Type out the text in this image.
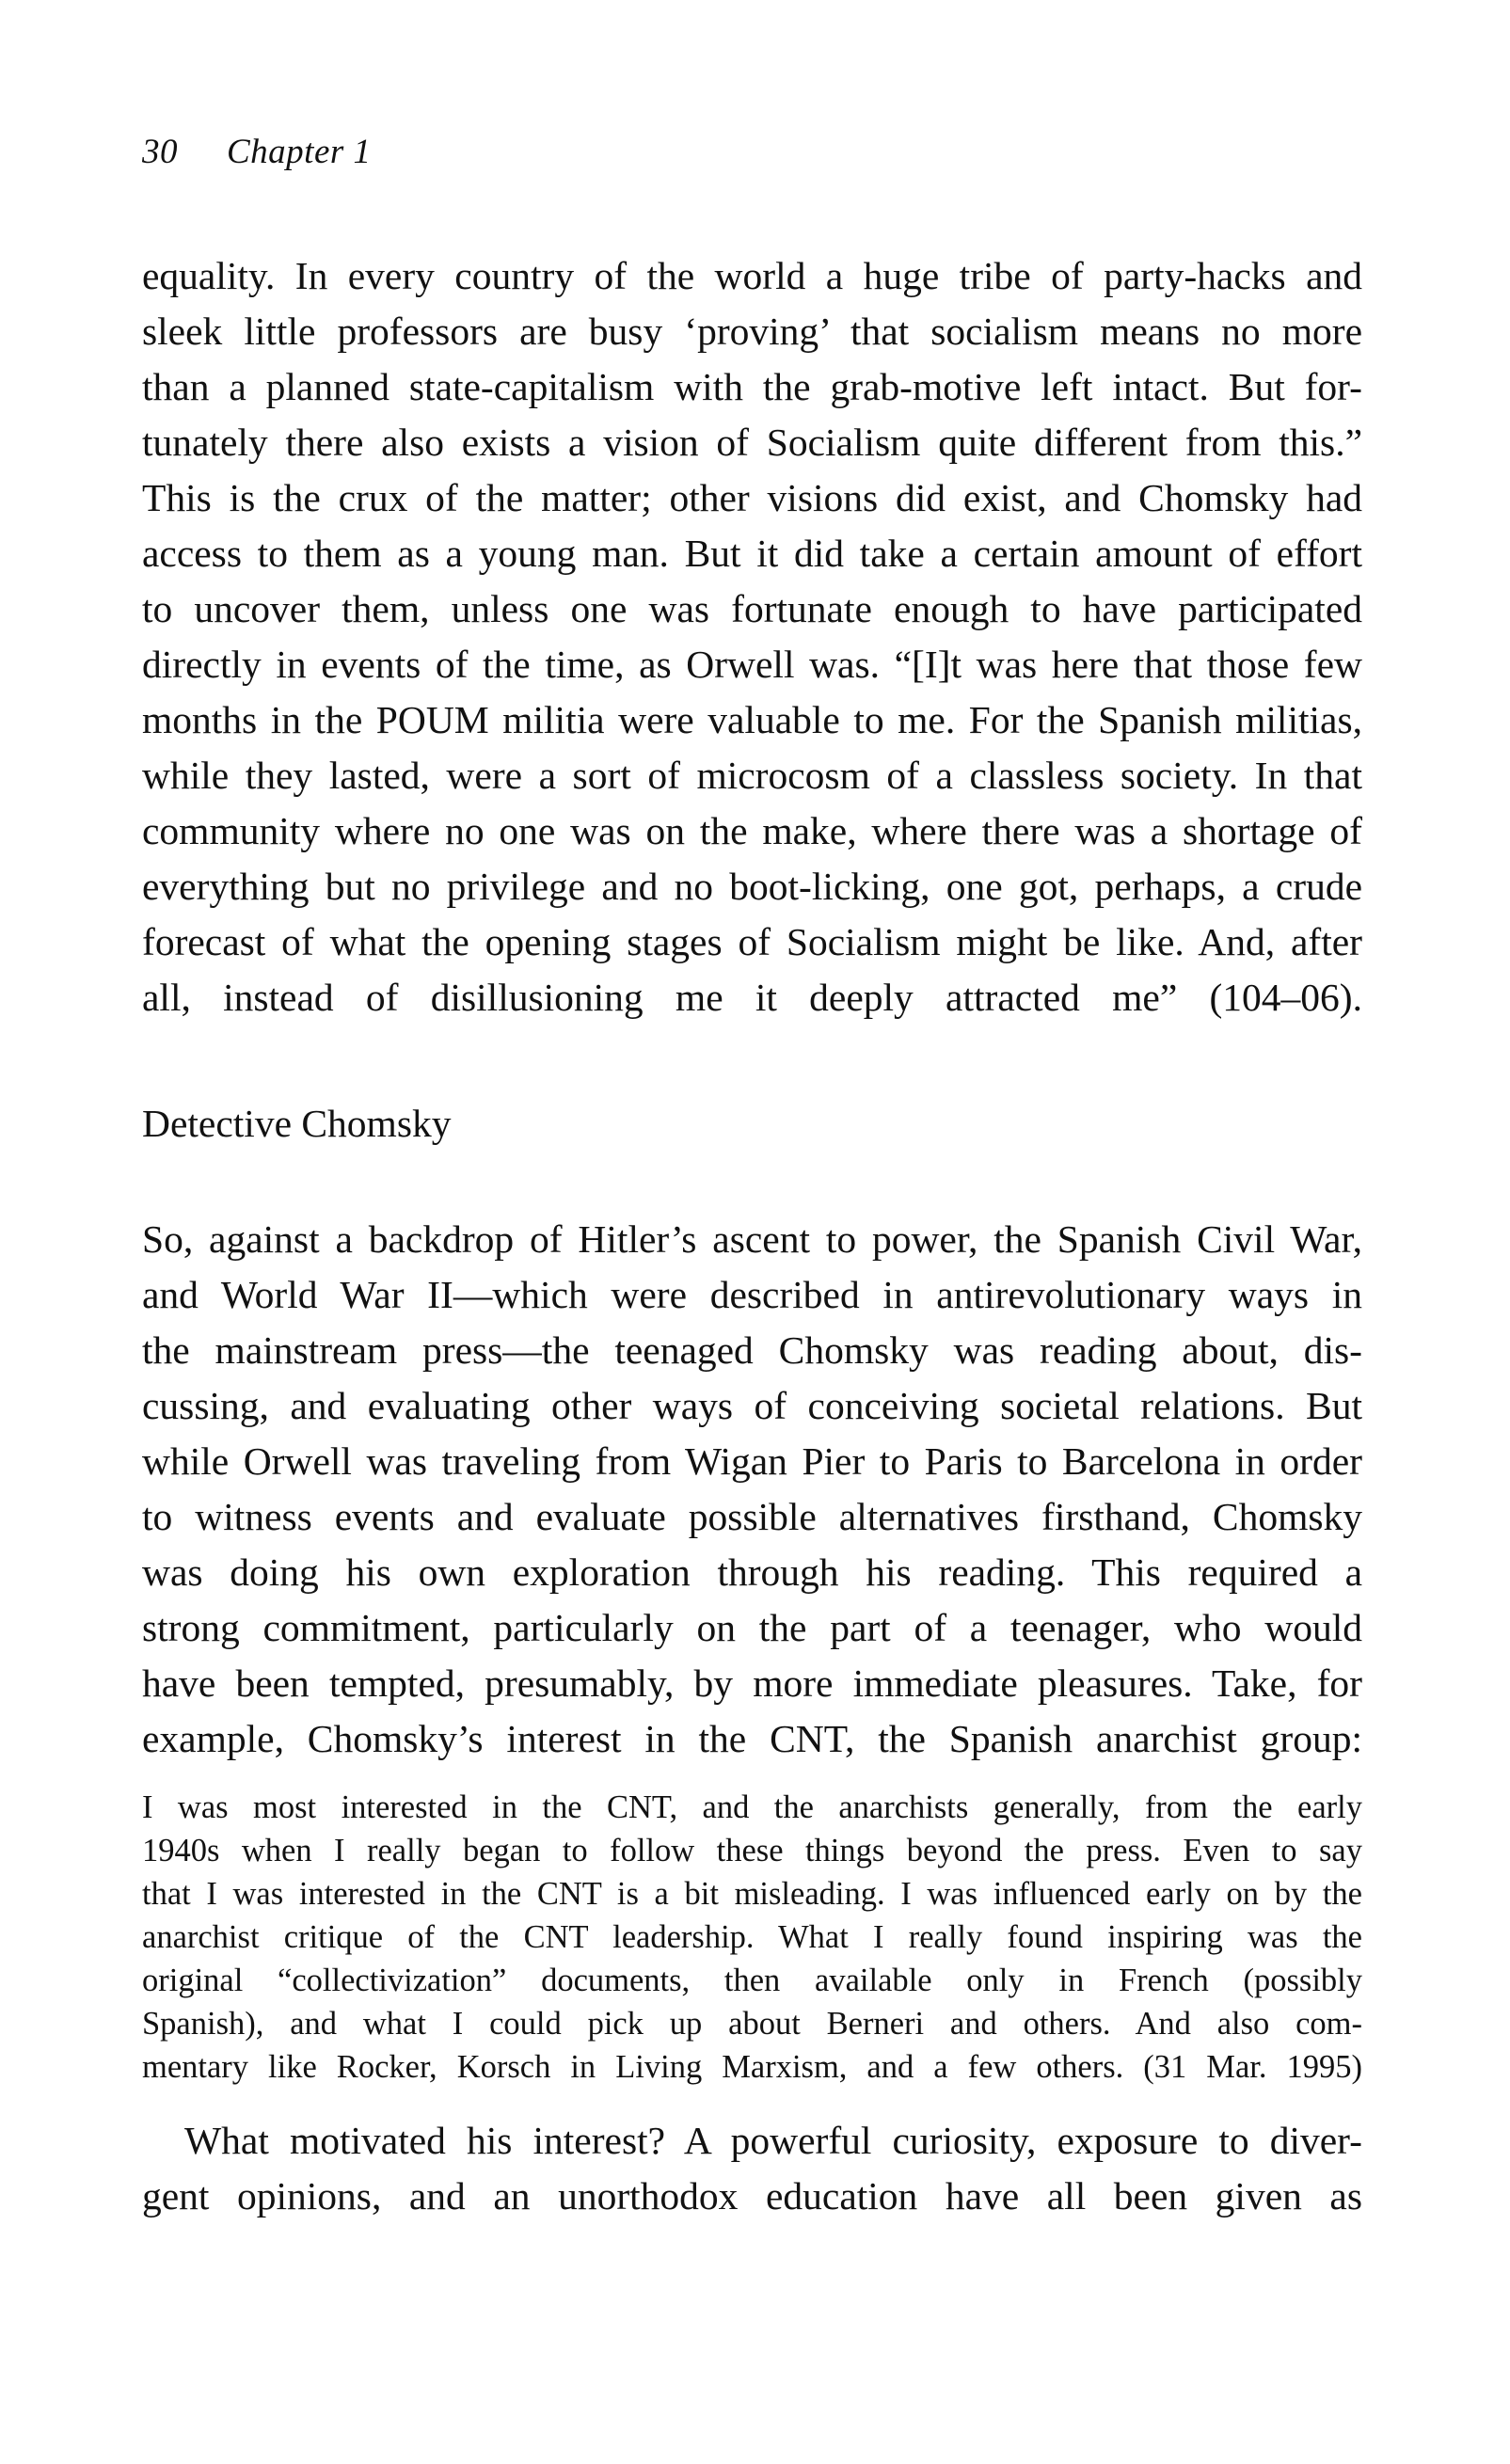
30 Chapter 1
equality. In every country of the world a huge tribe of party-hacks and
sleek little professors are busy ‘proving’ that socialism means no more
than a planned state-capitalism with the grab-motive left intact. But for-
tunately there also exists a vision of Socialism quite different from this.”
This is the crux of the matter; other visions did exist, and Chomsky had
access to them as a young man. But it did take a certain amount of effort
to uncover them, unless one was fortunate enough to have participated
directly in events of the time, as Orwell was. “[I]t was here that those few
months in the POUM militia were valuable to me. For the Spanish militias,
while they lasted, were a sort of microcosm of a classless society. In that
community where no one was on the make, where there was a shortage of
everything but no privilege and no boot-licking, one got, perhaps, a crude
forecast of what the opening stages of Socialism might be like. And, after
all, instead of disillusioning me it deeply attracted me” (104–06).
Detective Chomsky
So, against a backdrop of Hitler’s ascent to power, the Spanish Civil War,
and World War II—which were described in antirevolutionary ways in
the mainstream press—the teenaged Chomsky was reading about, dis-
cussing, and evaluating other ways of conceiving societal relations. But
while Orwell was traveling from Wigan Pier to Paris to Barcelona in order
to witness events and evaluate possible alternatives firsthand, Chomsky
was doing his own exploration through his reading. This required a
strong commitment, particularly on the part of a teenager, who would
have been tempted, presumably, by more immediate pleasures. Take, for
example, Chomsky’s interest in the CNT, the Spanish anarchist group:
I was most interested in the CNT, and the anarchists generally, from the early
1940s when I really began to follow these things beyond the press. Even to say
that I was interested in the CNT is a bit misleading. I was influenced early on by the
anarchist critique of the CNT leadership. What I really found inspiring was the
original “collectivization” documents, then available only in French (possibly
Spanish), and what I could pick up about Berneri and others. And also com-
mentary like Rocker, Korsch in Living Marxism, and a few others. (31 Mar. 1995)
What motivated his interest? A powerful curiosity, exposure to diver-
gent opinions, and an unorthodox education have all been given as
